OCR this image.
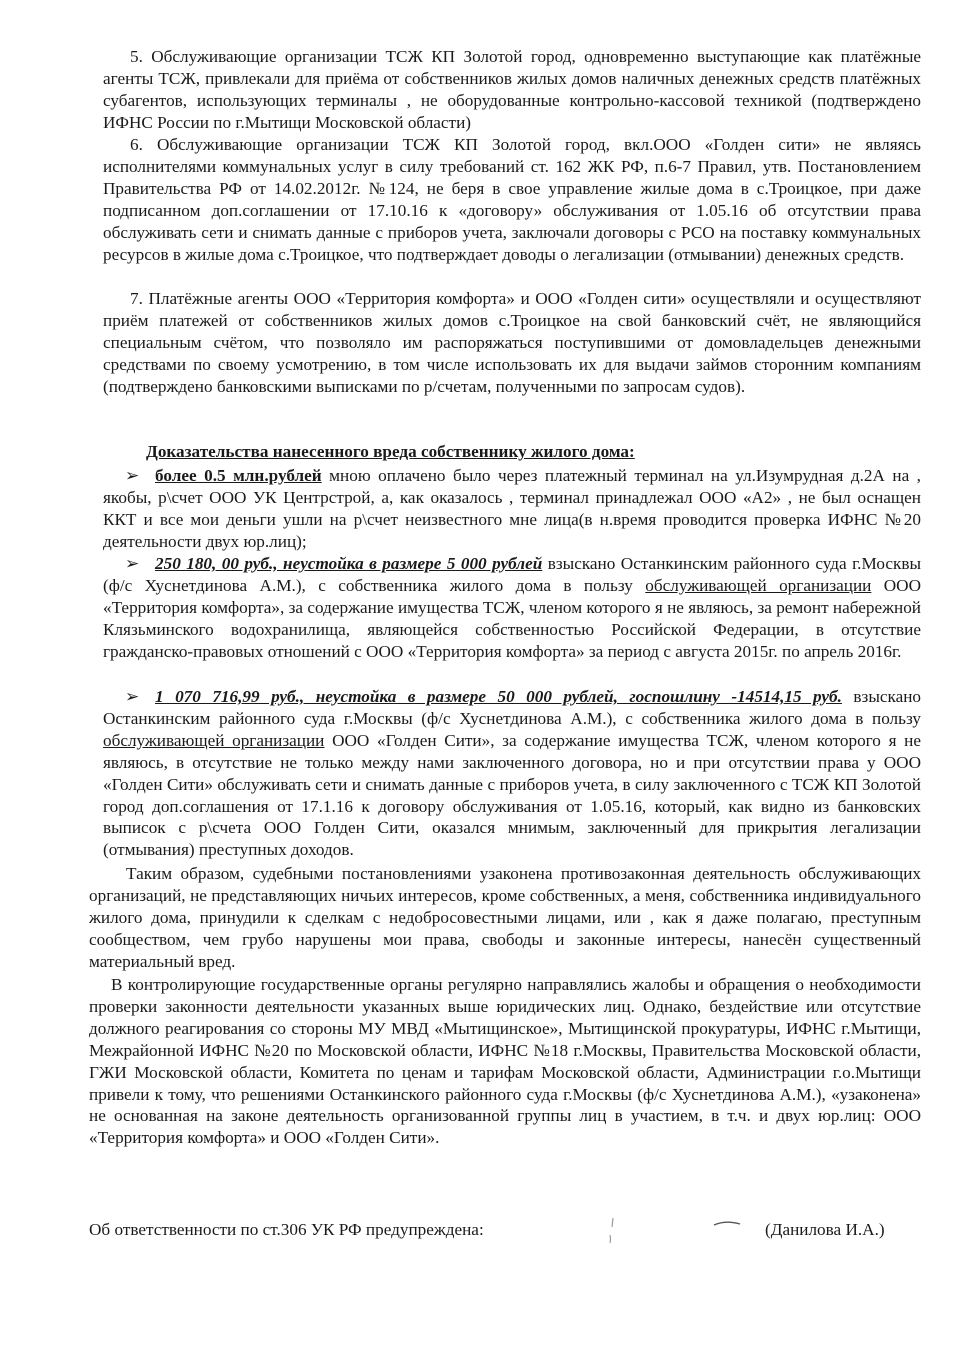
5. Обслуживающие организации ТСЖ КП Золотой город, одновременно выступающие как платёжные агенты ТСЖ, привлекали для приёма от собственников жилых домов наличных денежных средств платёжных субагентов, использующих терминалы , не оборудованные контрольно-кассовой техникой (подтверждено ИФНС России по г.Мытищи Московской области)
6. Обслуживающие организации ТСЖ КП Золотой город, вкл.ООО «Голден сити» не являясь исполнителями коммунальных услуг в силу требований ст. 162 ЖК РФ, п.6-7 Правил, утв. Постановлением Правительства РФ от 14.02.2012г. №124, не беря в свое управление жилые дома в с.Троицкое, при даже подписанном доп.соглашении от 17.10.16 к «договору» обслуживания от 1.05.16 об отсутствии права обслуживать сети и снимать данные с приборов учета, заключали договоры с РСО на поставку коммунальных ресурсов в жилые дома с.Троицкое, что подтверждает доводы о легализации (отмывании) денежных средств.
7. Платёжные агенты ООО «Территория комфорта» и ООО «Голден сити» осуществляли и осуществляют приём платежей от собственников жилых домов с.Троицкое на свой банковский счёт, не являющийся специальным счётом, что позволяло им распоряжаться поступившими от домовладельцев денежными средствами по своему усмотрению, в том числе использовать их для выдачи займов сторонним компаниям (подтверждено банковскими выписками по р/счетам, полученными по запросам судов).
Доказательства нанесенного вреда собственнику жилого дома:
➢ более 0.5 млн.рублей мною оплачено было через платежный терминал на ул.Изумрудная д.2А на , якобы, р\счет ООО УК Центрстрой, а, как оказалось , терминал принадлежал ООО «А2» , не был оснащен ККТ и все мои деньги ушли на р\счет неизвестного мне лица(в н.время проводится проверка ИФНС №20 деятельности двух юр.лиц);
➢ 250 180, 00 руб., неустойка в размере 5 000 рублей взыскано Останкинским районного суда г.Москвы (ф/с Хуснетдинова А.М.), с собственника жилого дома в пользу обслуживающей организации ООО «Территория комфорта», за содержание имущества ТСЖ, членом которого я не являюсь, за ремонт набережной Клязьминского водохранилища, являющейся собственностью Российской Федерации, в отсутствие гражданско-правовых отношений с ООО «Территория комфорта» за период с августа 2015г. по апрель 2016г.
➢ 1 070 716,99 руб., неустойка в размере 50 000 рублей, госпошлину -14514,15 руб. взыскано Останкинским районного суда г.Москвы (ф/с Хуснетдинова А.М.), с собственника жилого дома в пользу обслуживающей организации ООО «Голден Сити», за содержание имущества ТСЖ, членом которого я не являюсь, в отсутствие не только между нами заключенного договора, но и при отсутствии права у ООО «Голден Сити» обслуживать сети и снимать данные с приборов учета, в силу заключенного с ТСЖ КП Золотой город доп.соглашения от 17.1.16 к договору обслуживания от 1.05.16, который, как видно из банковских выписок с р\счета ООО Голден Сити, оказался мнимым, заключенный для прикрытия легализации (отмывания) преступных доходов.
Таким образом, судебными постановлениями узаконена противозаконная деятельность обслуживающих организаций, не представляющих ничьих интересов, кроме собственных, а меня, собственника индивидуального жилого дома, принудили к сделкам с недобросовестными лицами, или , как я даже полагаю, преступным сообществом, чем грубо нарушены мои права, свободы и законные интересы, нанесён существенный материальный вред.
В контролирующие государственные органы регулярно направлялись жалобы и обращения о необходимости проверки законности деятельности указанных выше юридических лиц. Однако, бездействие или отсутствие должного реагирования со стороны МУ МВД «Мытищинское», Мытищинской прокуратуры, ИФНС г.Мытищи, Межрайонной ИФНС №20 по Московской области, ИФНС №18 г.Москвы, Правительства Московской области, ГЖИ Московской области, Комитета по ценам и тарифам Московской области, Администрации г.о.Мытищи привели к тому, что решениями Останкинского районного суда г.Москвы (ф/с Хуснетдинова А.М.), «узаконена» не основанная на законе деятельность организованной группы лиц в участием, в т.ч. и двух юр.лиц: ООО «Территория комфорта» и ООО «Голден Сити».
Об ответственности по ст.306 УК РФ предупреждена:	(Данилова И.А.)
